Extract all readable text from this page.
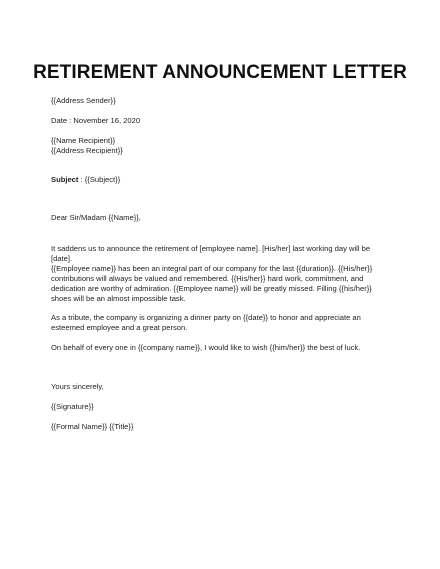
RETIREMENT ANNOUNCEMENT LETTER
{{Address Sender}}
Date : November 16, 2020
{{Name Recipient}}
{{Address Recipient}}
Subject : {{Subject}}
Dear Sir/Madam {{Name}},
It saddens us to announce the retirement of [employee name]. [His/her] last working day will be [date].
{{Employee name}} has been an integral part of our company for the last {{duration}}. {{His/her}} contributions will always be valued and remembered. {{His/her}} hard work, commitment, and dedication are worthy of admiration. {{Employee name}} will be greatly missed. Filling {{his/her}} shoes will be an almost impossible task.
As a tribute, the company is organizing a dinner party on {{date}} to honor and appreciate an esteemed employee and a great person.
On behalf of every one in {{company name}}, I would like to wish {{him/her}} the best of luck.
Yours sincerely,
{{Signature}}
{{Formal Name}} {{Title}}
